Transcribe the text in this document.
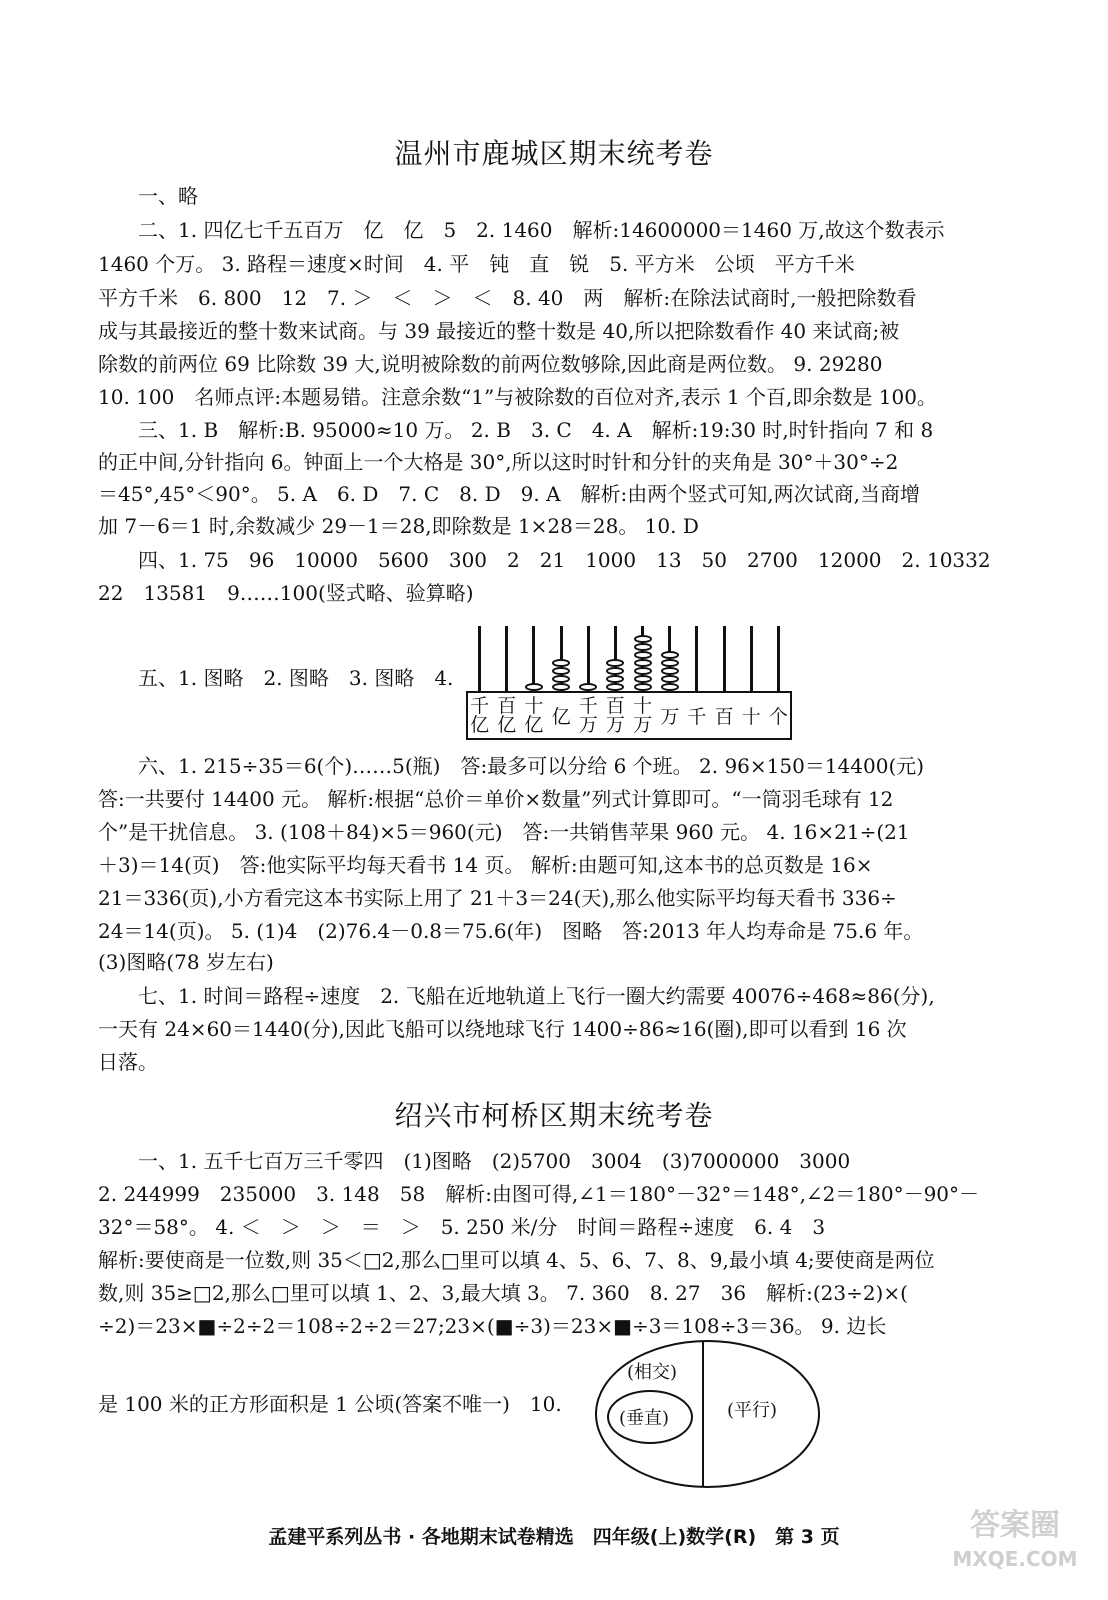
温州市鹿城区期末统考卷
一、略
二、1. 四亿七千五百万　亿　亿　5　2. 1460　解析:14600000＝1460 万,故这个数表示
1460 个万。 3. 路程＝速度×时间　4. 平　钝　直　锐　5. 平方米　公顷　平方千米
平方千米　6. 800　12　7. ＞　＜　＞　＜　8. 40　两　解析:在除法试商时,一般把除数看
成与其最接近的整十数来试商。与 39 最接近的整十数是 40,所以把除数看作 40 来试商;被
除数的前两位 69 比除数 39 大,说明被除数的前两位数够除,因此商是两位数。 9. 29280
10. 100　名师点评:本题易错。注意余数“1”与被除数的百位对齐,表示 1 个百,即余数是 100。
三、1. B　解析:B. 95000≈10 万。 2. B　3. C　4. A　解析:19:30 时,时针指向 7 和 8
的正中间,分针指向 6。钟面上一个大格是 30°,所以这时时针和分针的夹角是 30°＋30°÷2
＝45°,45°＜90°。 5. A　6. D　7. C　8. D　9. A　解析:由两个竖式可知,两次试商,当商增
加 7－6＝1 时,余数减少 29－1＝28,即除数是 1×28＝28。 10. D
四、1. 75　96　10000　5600　300　2　21　1000　13　50　2700　12000　2. 10332
22　13581　9……100(竖式略、验算略)
五、1. 图略　2. 图略　3. 图略　4.
千
亿
百
亿
十
亿 亿 千
万
百
万
十
万 万 千 百 十 个
六、1. 215÷35＝6(个)……5(瓶)　答:最多可以分给 6 个班。 2. 96×150＝14400(元)
答:一共要付 14400 元。 解析:根据“总价＝单价×数量”列式计算即可。“一筒羽毛球有 12
个”是干扰信息。 3. (108＋84)×5＝960(元)　答:一共销售苹果 960 元。 4. 16×21÷(21
＋3)＝14(页)　答:他实际平均每天看书 14 页。 解析:由题可知,这本书的总页数是 16×
21＝336(页),小方看完这本书实际上用了 21＋3＝24(天),那么他实际平均每天看书 336÷
24＝14(页)。 5. (1)4　(2)76.4－0.8＝75.6(年)　图略　答:2013 年人均寿命是 75.6 年。
(3)图略(78 岁左右)
七、1. 时间＝路程÷速度　2. 飞船在近地轨道上飞行一圈大约需要 40076÷468≈86(分),
一天有 24×60＝1440(分),因此飞船可以绕地球飞行 1400÷86≈16(圈),即可以看到 16 次
日落。
绍兴市柯桥区期末统考卷
一、1. 五千七百万三千零四　(1)图略　(2)5700　3004　(3)7000000　3000
2. 244999　235000　3. 148　58　解析:由图可得,∠1＝180°－32°＝148°,∠2＝180°－90°－
32°＝58°。 4. ＜　＞　＞　＝　＞　5. 250 米/分　时间＝路程÷速度　6. 4　3
解析:要使商是一位数,则 35＜□2,那么□里可以填 4、5、6、7、8、9,最小填 4;要使商是两位
数,则 35≥□2,那么□里可以填 1、2、3,最大填 3。 7. 360　8. 27　36　解析:(23÷2)×(
÷2)＝23×■÷2÷2＝108÷2÷2＝27;23×(■÷3)＝23×■÷3＝108÷3＝36。 9. 边长
是 100 米的正方形面积是 1 公顷(答案不唯一)　10.
(相交)
(垂直)	(平行)
孟建平系列丛书 · 各地期末试卷精选　四年级(上)数学(R)　第 3 页	答案圈
MXQE.COM
